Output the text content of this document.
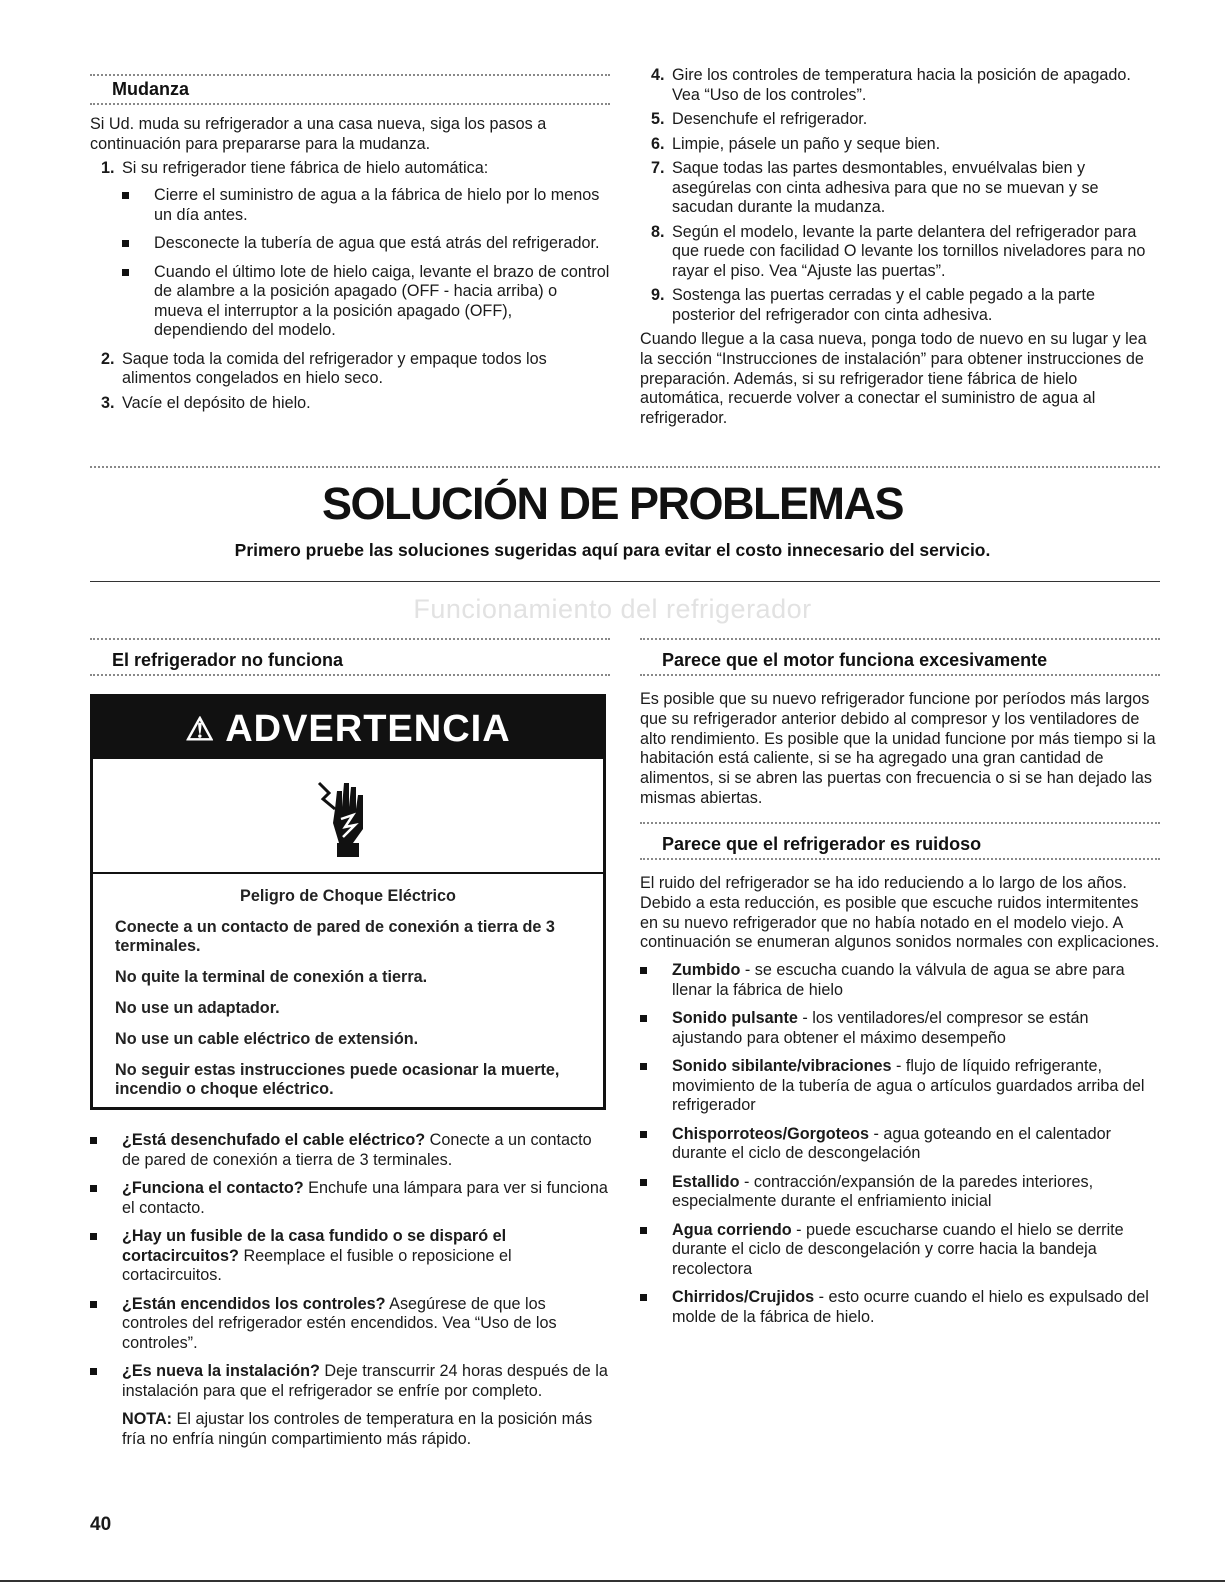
Mudanza

Si Ud. muda su refrigerador a una casa nueva, siga los pasos a continuación para prepararse para la mudanza.

1. Si su refrigerador tiene fábrica de hielo automática:
Cierre el suministro de agua a la fábrica de hielo por lo menos un día antes.
Desconecte la tubería de agua que está atrás del refrigerador.
Cuando el último lote de hielo caiga, levante el brazo de control de alambre a la posición apagado (OFF - hacia arriba) o mueva el interruptor a la posición apagado (OFF), dependiendo del modelo.
2. Saque toda la comida del refrigerador y empaque todos los alimentos congelados en hielo seco.
3. Vacíe el depósito de hielo.
4. Gire los controles de temperatura hacia la posición de apagado. Vea “Uso de los controles”.
5. Desenchufe el refrigerador.
6. Limpie, pásele un paño y seque bien.
7. Saque todas las partes desmontables, envuélvalas bien y asegúrelas con cinta adhesiva para que no se muevan y se sacudan durante la mudanza.
8. Según el modelo, levante la parte delantera del refrigerador para que ruede con facilidad O levante los tornillos niveladores para no rayar el piso. Vea “Ajuste las puertas”.
9. Sostenga las puertas cerradas y el cable pegado a la parte posterior del refrigerador con cinta adhesiva.

Cuando llegue a la casa nueva, ponga todo de nuevo en su lugar y lea la sección “Instrucciones de instalación” para obtener instrucciones de preparación. Además, si su refrigerador tiene fábrica de hielo automática, recuerde volver a conectar el suministro de agua al refrigerador.

SOLUCIÓN DE PROBLEMAS
Primero pruebe las soluciones sugeridas aquí para evitar el costo innecesario del servicio.
Funcionamiento del refrigerador
El refrigerador no funciona
⚠ ADVERTENCIA
Peligro de Choque Eléctrico
Conecte a un contacto de pared de conexión a tierra de 3 terminales.
No quite la terminal de conexión a tierra.
No use un adaptador.
No use un cable eléctrico de extensión.
No seguir estas instrucciones puede ocasionar la muerte, incendio o choque eléctrico.
¿Está desenchufado el cable eléctrico? Conecte a un contacto de pared de conexión a tierra de 3 terminales.
¿Funciona el contacto? Enchufe una lámpara para ver si funciona el contacto.
¿Hay un fusible de la casa fundido o se disparó el cortacircuitos? Reemplace el fusible o reposicione el cortacircuitos.
¿Están encendidos los controles? Asegúrese de que los controles del refrigerador estén encendidos. Vea “Uso de los controles”.
¿Es nueva la instalación? Deje transcurrir 24 horas después de la instalación para que el refrigerador se enfríe por completo.

NOTA: El ajustar los controles de temperatura en la posición más fría no enfría ningún compartimiento más rápido.

Parece que el motor funciona excesivamente

Es posible que su nuevo refrigerador funcione por períodos más largos que su refrigerador anterior debido al compresor y los ventiladores de alto rendimiento. Es posible que la unidad funcione por más tiempo si la habitación está caliente, si se ha agregado una gran cantidad de alimentos, si se abren las puertas con frecuencia o si se han dejado las mismas abiertas.

Parece que el refrigerador es ruidoso

El ruido del refrigerador se ha ido reduciendo a lo largo de los años. Debido a esta reducción, es posible que escuche ruidos intermitentes en su nuevo refrigerador que no había notado en el modelo viejo. A continuación se enumeran algunos sonidos normales con explicaciones.

Zumbido - se escucha cuando la válvula de agua se abre para llenar la fábrica de hielo
Sonido pulsante - los ventiladores/el compresor se están ajustando para obtener el máximo desempeño
Sonido sibilante/vibraciones - flujo de líquido refrigerante, movimiento de la tubería de agua o artículos guardados arriba del refrigerador
Chisporroteos/Gorgoteos - agua goteando en el calentador durante el ciclo de descongelación
Estallido - contracción/expansión de la paredes interiores, especialmente durante el enfriamiento inicial
Agua corriendo - puede escucharse cuando el hielo se derrite durante el ciclo de descongelación y corre hacia la bandeja recolectora
Chirridos/Crujidos - esto ocurre cuando el hielo es expulsado del molde de la fábrica de hielo.
40
